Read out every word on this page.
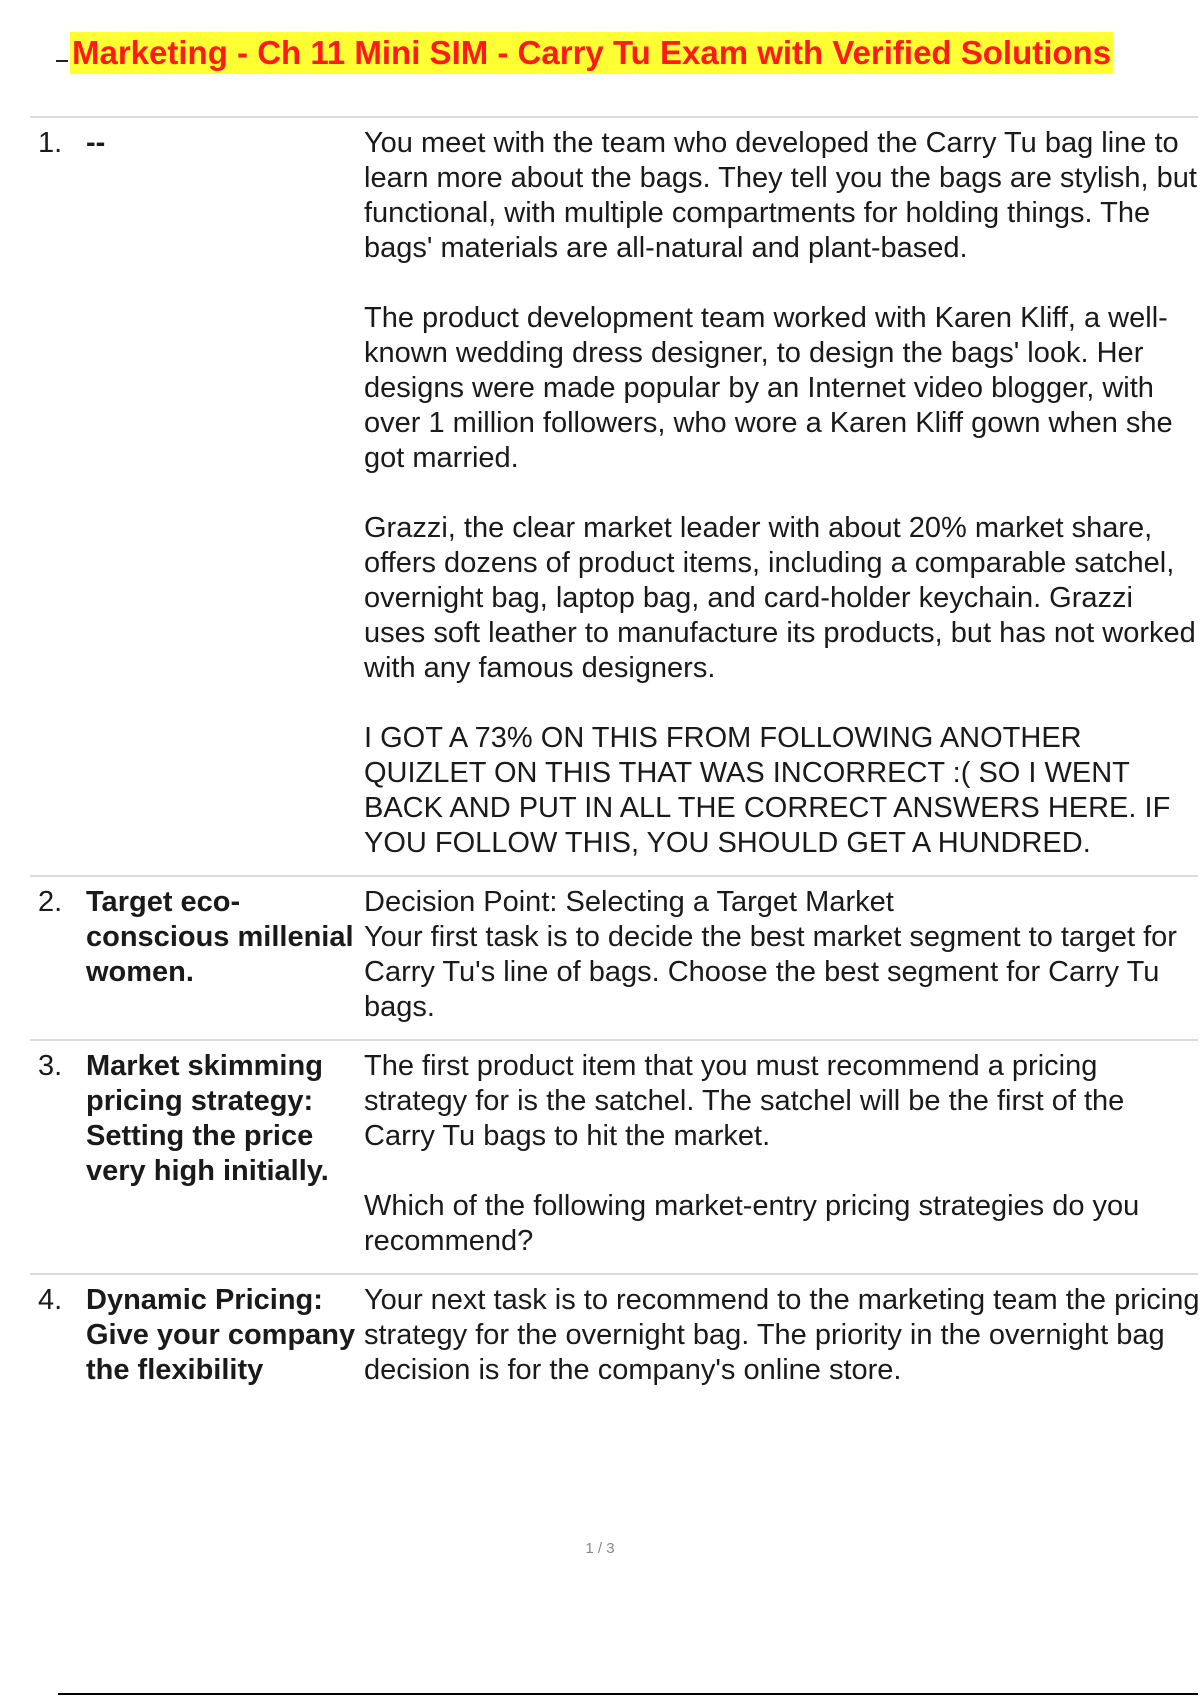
Marketing - Ch 11 Mini SIM - Carry Tu Exam with Verified Solutions
1. --	You meet with the team who developed the Carry Tu bag line to learn more about the bags. They tell you the bags are stylish, but functional, with multiple compartments for holding things. The bags' materials are all-natural and plant-based.
The product development team worked with Karen Kliff, a well-known wedding dress designer, to design the bags' look. Her designs were made popular by an Internet video blogger, with over 1 million followers, who wore a Karen Kliff gown when she got married.
Grazzi, the clear market leader with about 20% market share, offers dozens of product items, including a comparable satchel, overnight bag, laptop bag, and card-holder keychain. Grazzi uses soft leather to manufacture its products, but has not worked with any famous designers.
I GOT A 73% ON THIS FROM FOLLOWING ANOTHER QUIZLET ON THIS THAT WAS INCORRECT :( SO I WENT BACK AND PUT IN ALL THE CORRECT ANSWERS HERE. IF YOU FOLLOW THIS, YOU SHOULD GET A HUNDRED.
2. Target eco-conscious millenial women.
Decision Point: Selecting a Target Market
Your first task is to decide the best market segment to target for Carry Tu's line of bags. Choose the best segment for Carry Tu bags.
3. Market skimming pricing strategy: Setting the price very high initially.
The first product item that you must recommend a pricing strategy for is the satchel. The satchel will be the first of the Carry Tu bags to hit the market.
Which of the following market-entry pricing strategies do you recommend?
4. Dynamic Pricing: Give your company the flexibility
Your next task is to recommend to the marketing team the pricing strategy for the overnight bag. The priority in the overnight bag decision is for the company's online store.
1 / 3
